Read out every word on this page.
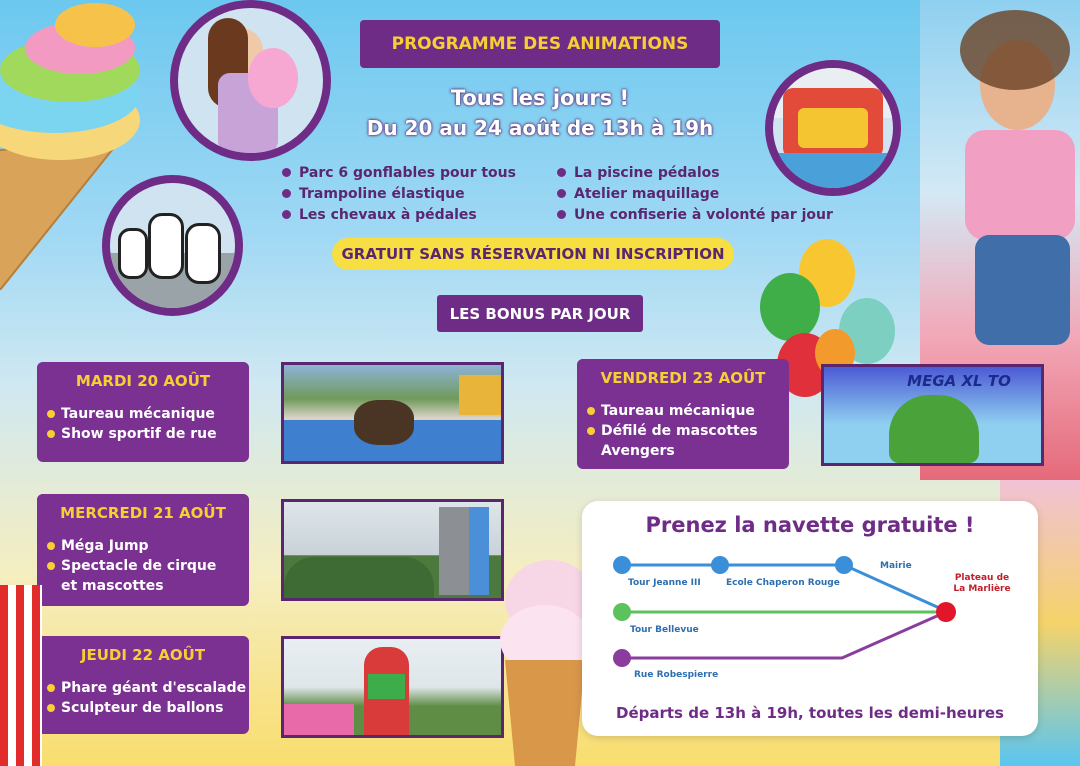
PROGRAMME DES ANIMATIONS
Tous les jours !
Du 20 au 24 août de 13h à 19h
Parc 6 gonflables pour tous
Trampoline élastique
Les chevaux à pédales
La piscine pédalos
Atelier maquillage
Une confiserie à volonté par jour
GRATUIT SANS RÉSERVATION NI INSCRIPTION
LES BONUS PAR JOUR
MARDI 20 AOÛT
Taureau mécanique
Show sportif de rue
MERCREDI 21 AOÛT
Méga Jump
Spectacle de cirque
et mascottes
JEUDI 22 AOÛT
Phare géant d'escalade
Sculpteur de ballons
VENDREDI 23 AOÛT
Taureau mécanique
Défilé de mascottes
Avengers
MEGA XL TO
Prenez la navette gratuite !
Tour Jeanne III	Ecole Chaperon Rouge
Mairie
Tour Bellevue
Rue Robespierre
Plateau de
La Marlière
Départs de 13h à 19h, toutes les demi-heures
